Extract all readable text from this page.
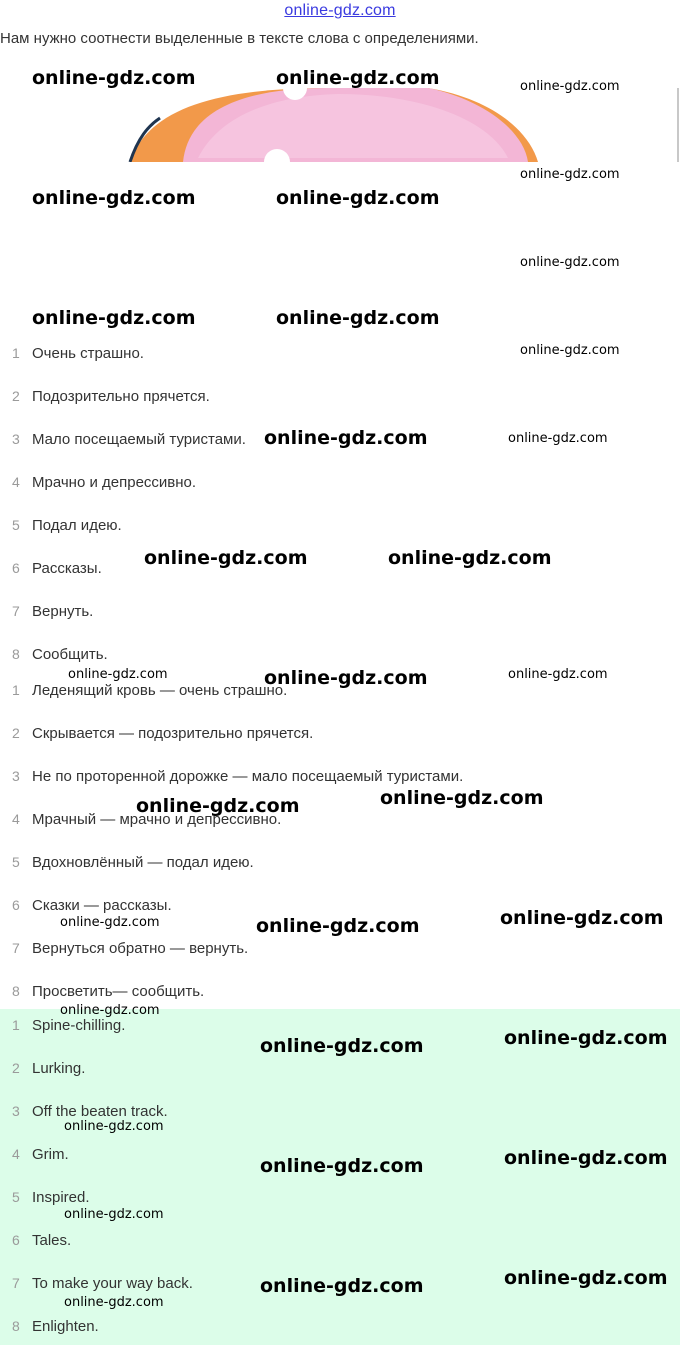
online-gdz.com
Нам нужно соотнести выделенные в тексте слова с определениями.
1 Очень страшно.
2 Подозрительно прячется.
3 Мало посещаемый туристами.
4 Мрачно и депрессивно.
5 Подал идею.
6 Рассказы.
7 Вернуть.
8 Сообщить.
1 Леденящий кровь — очень страшно.
2 Скрывается — подозрительно прячется.
3 Не по проторенной дорожке — мало посещаемый туристами.
4 Мрачный — мрачно и депрессивно.
5 Вдохновлённый — подал идею.
6 Сказки — рассказы.
7 Вернуться обратно — вернуть.
8 Просветить— сообщить.
1 Spine-chilling.
2 Lurking.
3 Off the beaten track.
4 Grim.
5 Inspired.
6 Tales.
7 To make your way back.
8 Enlighten.
online-gdz.com	online-gdz.com	online-gdz.com
online-gdz.com
online-gdz.com	online-gdz.com
online-gdz.com
online-gdz.com	online-gdz.com
online-gdz.com
online-gdz.com	online-gdz.com
online-gdz.com	online-gdz.com
online-gdz.com	online-gdz.com	online-gdz.com
online-gdz.com
online-gdz.com
online-gdz.com
online-gdz.com	online-gdz.com
online-gdz.com
online-gdz.com
online-gdz.com
online-gdz.com
online-gdz.com
online-gdz.com
online-gdz.com
online-gdz.com
online-gdz.com
online-gdz.com
